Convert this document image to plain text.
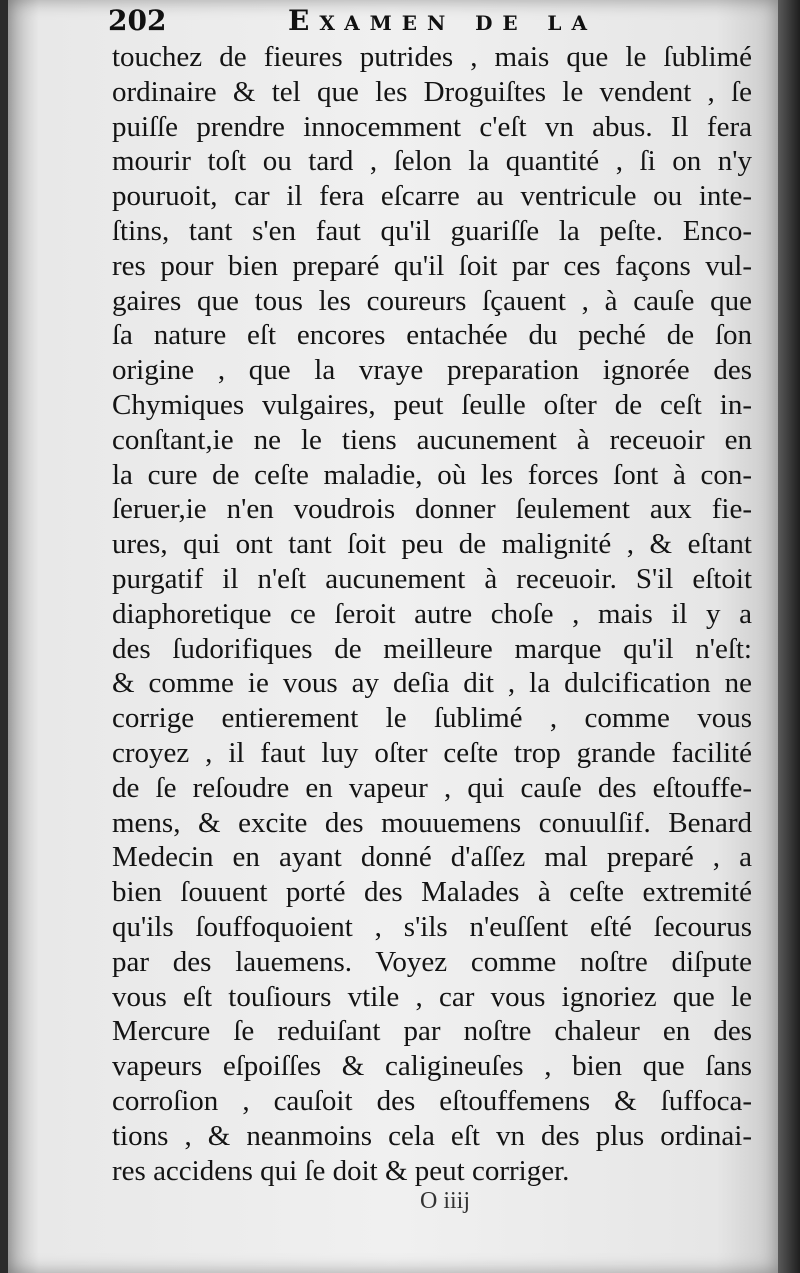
202	Examen de la
touchez de fieures putrides , mais que le ſublimé
ordinaire & tel que les Droguiſtes le vendent , ſe
puiſſe prendre innocemment c'eſt vn abus. Il fera
mourir toſt ou tard , ſelon la quantité , ſi on n'y
pouruoit, car il fera eſcarre au ventricule ou inte-
ſtins, tant s'en faut qu'il guariſſe la peſte. Enco-
res pour bien preparé qu'il ſoit par ces façons vul-
gaires que tous les coureurs ſçauent , à cauſe que
ſa nature eſt encores entachée du peché de ſon
origine , que la vraye preparation ignorée des
Chymiques vulgaires, peut ſeulle oſter de ceſt in-
conſtant,ie ne le tiens aucunement à receuoir en
la cure de ceſte maladie, où les forces ſont à con-
ſeruer,ie n'en voudrois donner ſeulement aux fie-
ures, qui ont tant ſoit peu de malignité , & eſtant
purgatif il n'eſt aucunement à receuoir. S'il eſtoit
diaphoretique ce ſeroit autre choſe , mais il y a
des ſudorifiques de meilleure marque qu'il n'eſt:
& comme ie vous ay deſia dit , la dulcification ne
corrige entierement le ſublimé , comme vous
croyez , il faut luy oſter ceſte trop grande facilité
de ſe reſoudre en vapeur , qui cauſe des eſtouffe-
mens, & excite des mouuemens conuulſif. Benard
Medecin en ayant donné d'aſſez mal preparé , a
bien ſouuent porté des Malades à ceſte extremité
qu'ils ſouffoquoient , s'ils n'euſſent eſté ſecourus
par des lauemens. Voyez comme noſtre diſpute
vous eſt touſiours vtile , car vous ignoriez que le
Mercure ſe reduiſant par noſtre chaleur en des
vapeurs eſpoiſſes & caligineuſes , bien que ſans
corroſion , cauſoit des eſtouffemens & ſuffoca-
tions , & neanmoins cela eſt vn des plus ordinai-
res accidens qui ſe doit & peut corriger.
O iiij
